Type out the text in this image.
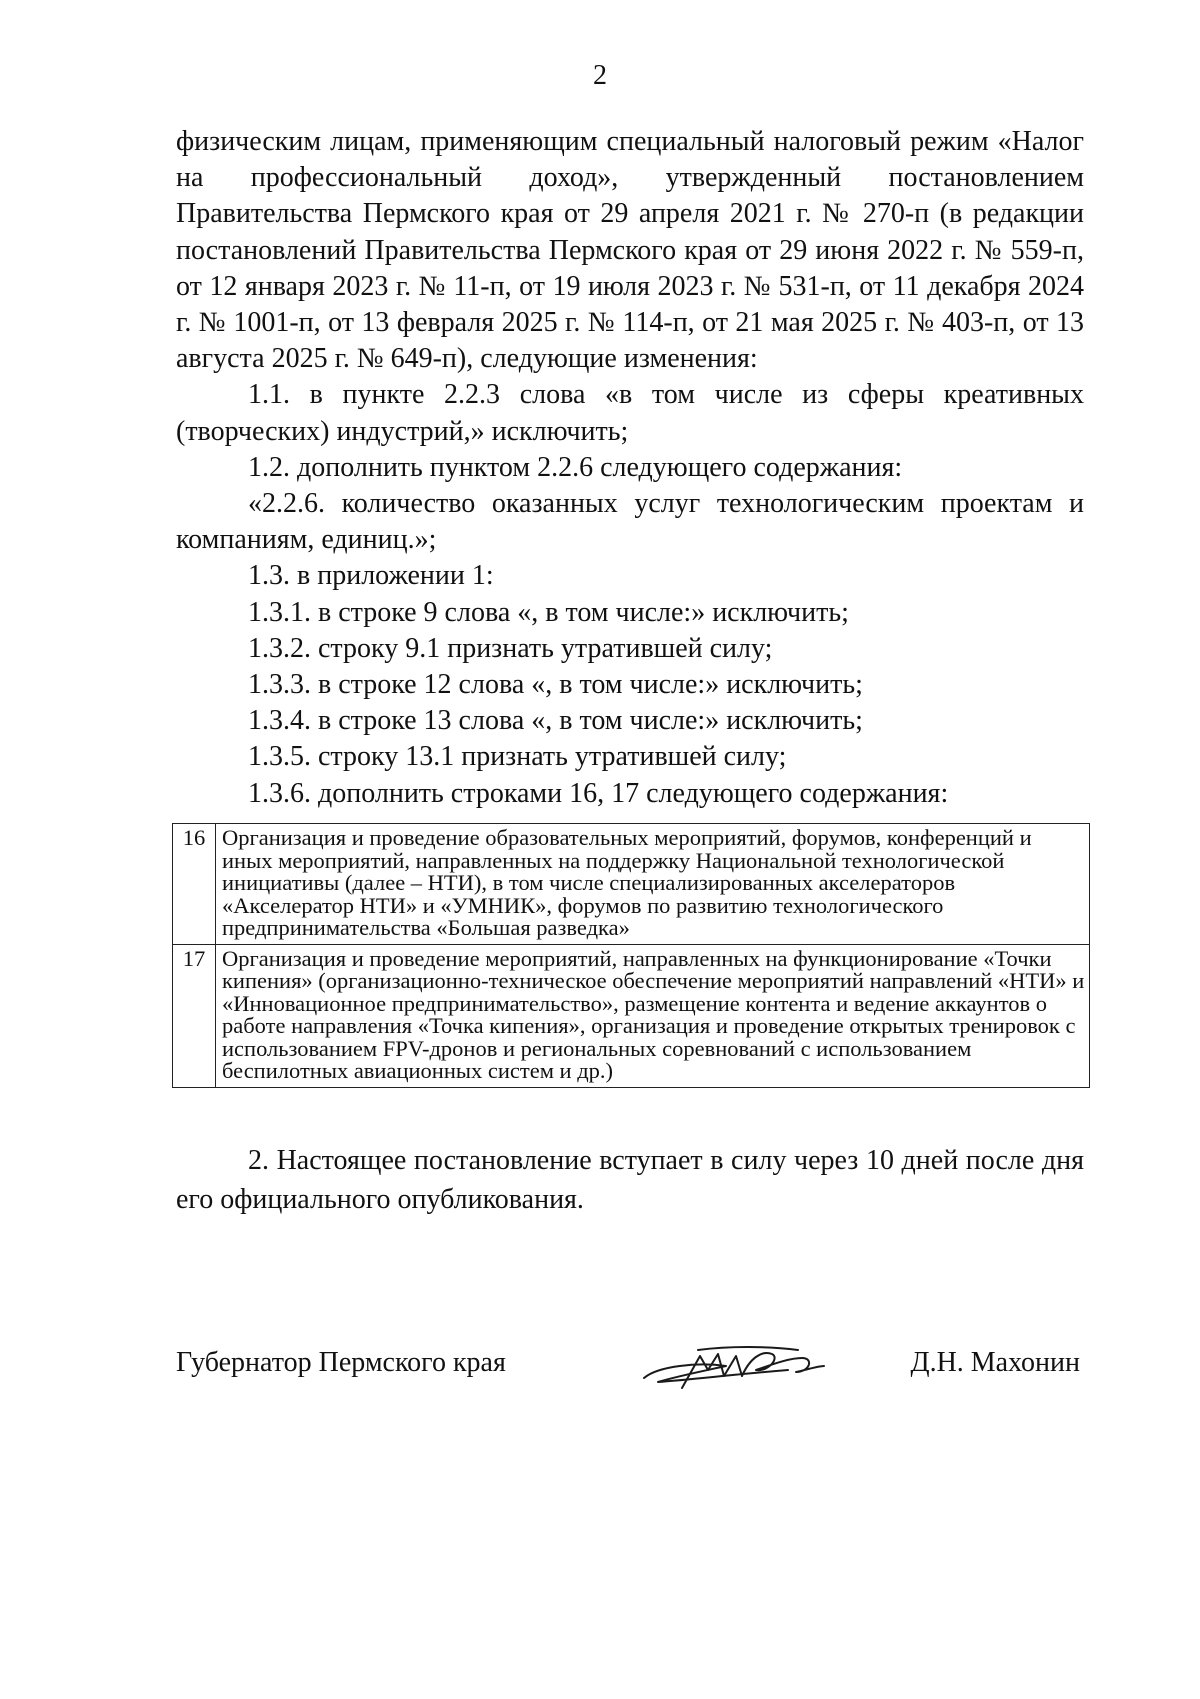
2

физическим лицам, применяющим специальный налоговый режим «Налог на профессиональный доход», утвержденный постановлением Правительства Пермского края от 29 апреля 2021 г. № 270-п (в редакции постановлений Правительства Пермского края от 29 июня 2022 г. № 559-п, от 12 января 2023 г. № 11-п, от 19 июля 2023 г. № 531-п, от 11 декабря 2024 г. № 1001-п, от 13 февраля 2025 г. № 114-п, от 21 мая 2025 г. № 403-п, от 13 августа 2025 г. № 649-п), следующие изменения:

1.1. в пункте 2.2.3 слова «в том числе из сферы креативных (творческих) индустрий,» исключить;

1.2. дополнить пунктом 2.2.6 следующего содержания:

«2.2.6. количество оказанных услуг технологическим проектам и компаниям, единиц.»;

1.3. в приложении 1:

1.3.1. в строке 9 слова «, в том числе:» исключить;

1.3.2. строку 9.1 признать утратившей силу;

1.3.3. в строке 12 слова «, в том числе:» исключить;

1.3.4. в строке 13 слова «, в том числе:» исключить;

1.3.5. строку 13.1 признать утратившей силу;

1.3.6. дополнить строками 16, 17 следующего содержания:

16	Организация и проведение образовательных мероприятий, форумов, конференций и иных мероприятий, направленных на поддержку Национальной технологической инициативы (далее – НТИ), в том числе специализированных акселераторов «Акселератор НТИ» и «УМНИК», форумов по развитию технологического предпринимательства «Большая разведка»
17	Организация и проведение мероприятий, направленных на функционирование «Точки кипения» (организационно-техническое обеспечение мероприятий направлений «НТИ» и «Инновационное предпринимательство», размещение контента и ведение аккаунтов о работе направления «Точка кипения», организация и проведение открытых тренировок с использованием FPV-дронов и региональных соревнований с использованием беспилотных авиационных систем и др.)

2. Настоящее постановление вступает в силу через 10 дней после дня его официального опубликования.

Губернатор Пермского края	Д.Н. Махонин
